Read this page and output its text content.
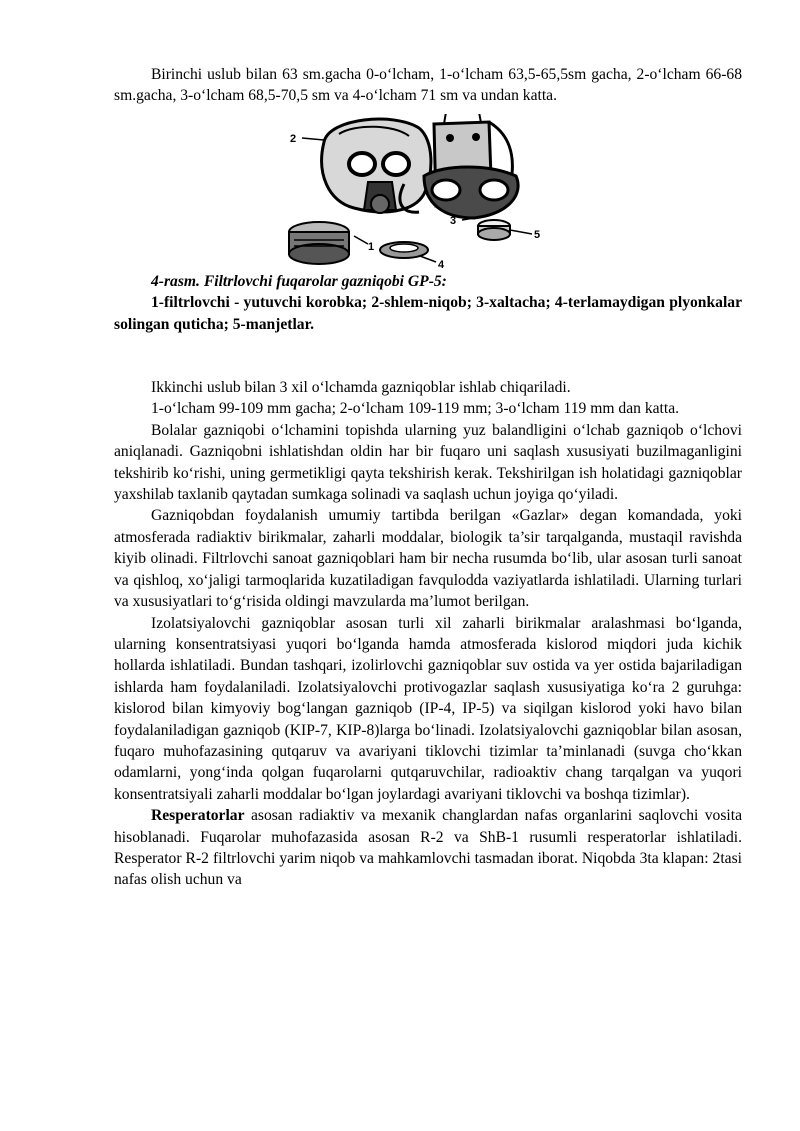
Birinchi uslub bilan 63 sm.gacha 0-o‘lcham, 1-o‘lcham 63,5-65,5sm gacha, 2-o‘lcham 66-68 sm.gacha, 3-o‘lcham 68,5-70,5 sm va 4-o‘lcham 71 sm va undan katta.

2
1
3
4
5

4-rasm. Filtrlovchi fuqarolar gazniqobi GP-5:

1-filtrlovchi - yutuvchi korobka; 2-shlem-niqob; 3-xaltacha; 4-terlamaydigan plyonkalar solingan quticha; 5-manjetlar.

Ikkinchi uslub bilan 3 xil o‘lchamda gazniqoblar ishlab chiqariladi.

1-o‘lcham 99-109 mm gacha; 2-o‘lcham 109-119 mm; 3-o‘lcham 119 mm dan katta.

Bolalar gazniqobi o‘lchamini topishda ularning yuz balandligini o‘lchab gazniqob o‘lchovi aniqlanadi. Gazniqobni ishlatishdan oldin har bir fuqaro uni saqlash xususiyati buzilmaganligini tekshirib ko‘rishi, uning germetikligi qayta tekshirish kerak. Tekshirilgan ish holatidagi gazniqoblar yaxshilab taxlanib qaytadan sumkaga solinadi va saqlash uchun joyiga qo‘yiladi.

Gazniqobdan foydalanish umumiy tartibda berilgan «Gazlar» degan komandada, yoki atmosferada radiaktiv birikmalar, zaharli moddalar, biologik ta’sir tarqalganda, mustaqil ravishda kiyib olinadi. Filtrlovchi sanoat gazniqoblari ham bir necha rusumda bo‘lib, ular asosan turli sanoat va qishloq, xo‘jaligi tarmoqlarida kuzatiladigan favqulodda vaziyatlarda ishlatiladi. Ularning turlari va xususiyatlari to‘g‘risida oldingi mavzularda ma’lumot berilgan.

Izolatsiyalovchi gazniqoblar asosan turli xil zaharli birikmalar aralashmasi bo‘lganda, ularning konsentratsiyasi yuqori bo‘lganda hamda atmosferada kislorod miqdori juda kichik hollarda ishlatiladi. Bundan tashqari, izolirlovchi gazniqoblar suv ostida va yer ostida bajariladigan ishlarda ham foydalaniladi. Izolatsiyalovchi protivogazlar saqlash xususiyatiga ko‘ra 2 guruhga: kislorod bilan kimyoviy bog‘langan gazniqob (IP-4, IP-5) va siqilgan kislorod yoki havo bilan foydalaniladigan gazniqob (KIP-7, KIP-8)larga bo‘linadi. Izolatsiyalovchi gazniqoblar bilan asosan, fuqaro muhofazasining qutqaruv va avariyani tiklovchi tizimlar ta’minlanadi (suvga cho‘kkan odamlarni, yong‘inda qolgan fuqarolarni qutqaruvchilar, radioaktiv chang tarqalgan va yuqori konsentratsiyali zaharli moddalar bo‘lgan joylardagi avariyani tiklovchi va boshqa tizimlar).

Resperatorlar asosan radiaktiv va mexanik changlardan nafas organlarini saqlovchi vosita hisoblanadi. Fuqarolar muhofazasida asosan R-2 va ShB-1 rusumli resperatorlar ishlatiladi. Resperator R-2 filtrlovchi yarim niqob va mahkamlovchi tasmadan iborat. Niqobda 3ta klapan: 2tasi nafas olish uchun va
